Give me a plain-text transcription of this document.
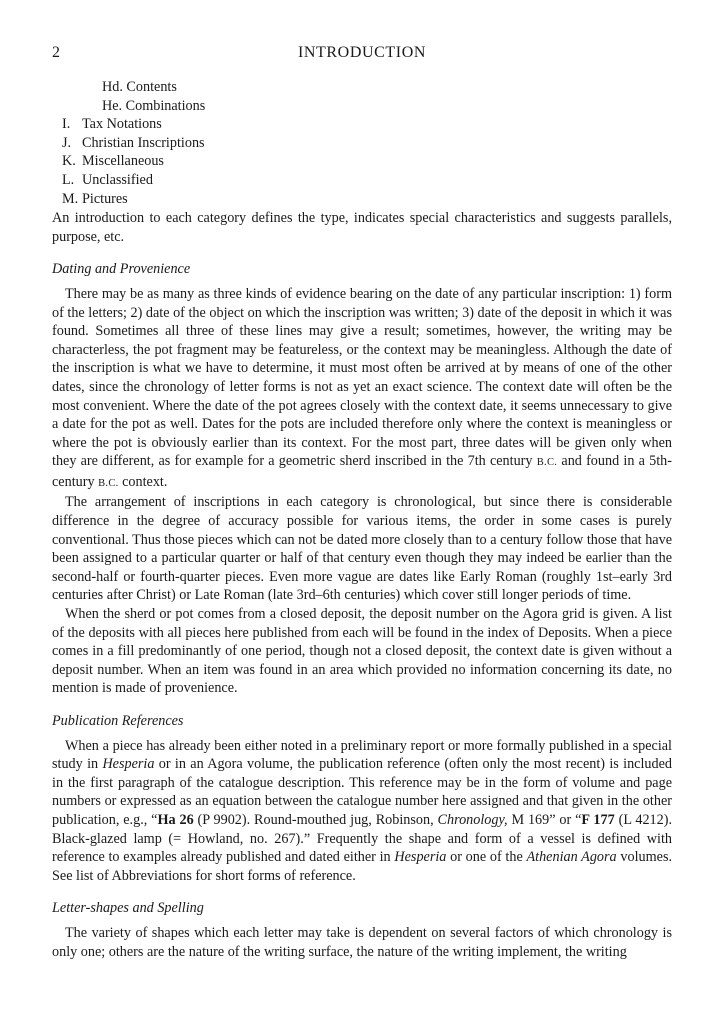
2	INTRODUCTION
Hd. Contents
He. Combinations
I. Tax Notations
J. Christian Inscriptions
K. Miscellaneous
L. Unclassified
M. Pictures

An introduction to each category defines the type, indicates special characteristics and suggests parallels, purpose, etc.

Dating and Provenience

There may be as many as three kinds of evidence bearing on the date of any particular inscription: 1) form of the letters; 2) date of the object on which the inscription was written; 3) date of the deposit in which it was found. Sometimes all three of these lines may give a result; sometimes, however, the writing may be characterless, the pot fragment may be featureless, or the context may be meaningless. Although the date of the inscription is what we have to determine, it must most often be arrived at by means of one of the other dates, since the chronology of letter forms is not as yet an exact science. The context date will often be the most convenient. Where the date of the pot agrees closely with the context date, it seems unnecessary to give a date for the pot as well. Dates for the pots are included therefore only where the context is meaningless or where the pot is obviously earlier than its context. For the most part, three dates will be given only when they are different, as for example for a geometric sherd inscribed in the 7th century B.C. and found in a 5th-century B.C. context.

The arrangement of inscriptions in each category is chronological, but since there is considerable difference in the degree of accuracy possible for various items, the order in some cases is purely conventional. Thus those pieces which can not be dated more closely than to a century follow those that have been assigned to a particular quarter or half of that century even though they may indeed be earlier than the second-half or fourth-quarter pieces. Even more vague are dates like Early Roman (roughly 1st–early 3rd centuries after Christ) or Late Roman (late 3rd–6th centuries) which cover still longer periods of time.

When the sherd or pot comes from a closed deposit, the deposit number on the Agora grid is given. A list of the deposits with all pieces here published from each will be found in the index of Deposits. When a piece comes in a fill predominantly of one period, though not a closed deposit, the context date is given without a deposit number. When an item was found in an area which provided no information concerning its date, no mention is made of provenience.

Publication References

When a piece has already been either noted in a preliminary report or more formally published in a special study in Hesperia or in an Agora volume, the publication reference (often only the most recent) is included in the first paragraph of the catalogue description. This reference may be in the form of volume and page numbers or expressed as an equation between the catalogue number here assigned and that given in the other publication, e.g., “Ha 26 (P 9902). Round-mouthed jug, Robinson, Chronology, M 169” or “F 177 (L 4212). Black-glazed lamp (= Howland, no. 267).” Frequently the shape and form of a vessel is defined with reference to examples already published and dated either in Hesperia or one of the Athenian Agora volumes. See list of Abbreviations for short forms of reference.

Letter-shapes and Spelling

The variety of shapes which each letter may take is dependent on several factors of which chronology is only one; others are the nature of the writing surface, the nature of the writing implement, the writing
